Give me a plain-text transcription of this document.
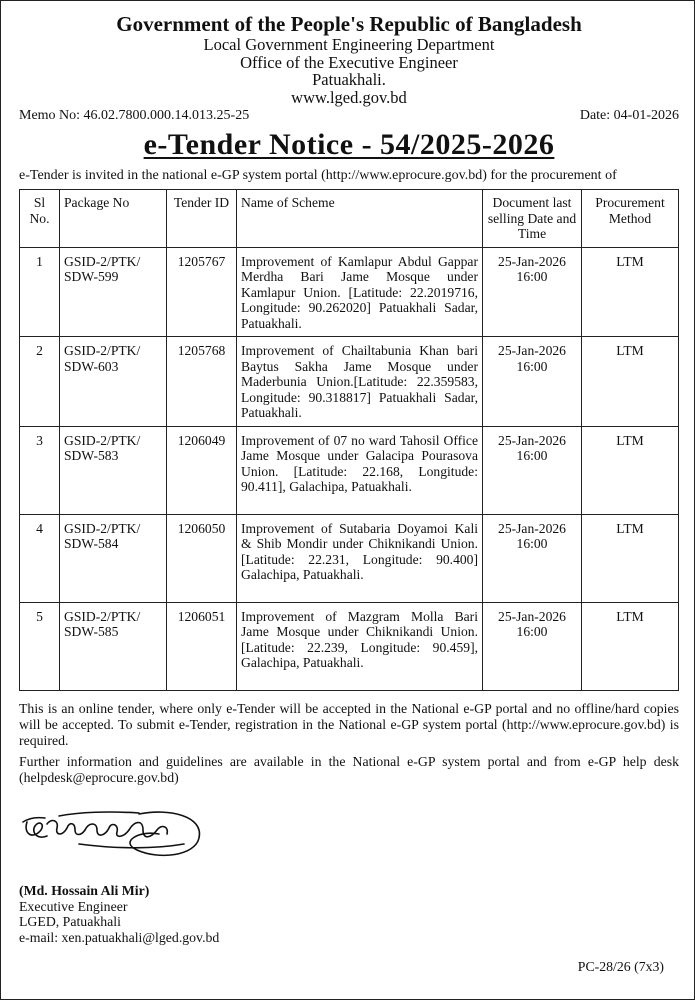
Government of the People's Republic of Bangladesh
Local Government Engineering Department
Office of the Executive Engineer
Patuakhali.
www.lged.gov.bd
Memo No: 46.02.7800.000.14.013.25-25	Date: 04-01-2026
e-Tender Notice - 54/2025-2026
e-Tender is invited in the national e-GP system portal (http://www.eprocure.gov.bd) for the procurement of
Sl No.	Package No	Tender ID	Name of Scheme	Document last selling Date and Time	Procurement Method
1	GSID-2/PTK/ SDW-599	1205767	Improvement of Kamlapur Abdul Gappar Merdha Bari Jame Mosque under Kamlapur Union. [Latitude: 22.2019716, Longitude: 90.262020] Patuakhali Sadar, Patuakhali.	25-Jan-2026 16:00	LTM
2	GSID-2/PTK/ SDW-603	1205768	Improvement of Chailtabunia Khan bari Baytus Sakha Jame Mosque under Maderbunia Union.[Latitude: 22.359583, Longitude: 90.318817] Patuakhali Sadar, Patuakhali.	25-Jan-2026 16:00	LTM
3	GSID-2/PTK/ SDW-583	1206049	Improvement of 07 no ward Tahosil Office Jame Mosque under Galacipa Pourasova Union. [Latitude: 22.168, Longitude: 90.411], Galachipa, Patuakhali.	25-Jan-2026 16:00	LTM
4	GSID-2/PTK/ SDW-584	1206050	Improvement of Sutabaria Doyamoi Kali & Shib Mondir under Chiknikandi Union. [Latitude: 22.231, Longitude: 90.400] Galachipa, Patuakhali.	25-Jan-2026 16:00	LTM
5	GSID-2/PTK/ SDW-585	1206051	Improvement of Mazgram Molla Bari Jame Mosque under Chiknikandi Union. [Latitude: 22.239, Longitude: 90.459], Galachipa, Patuakhali.	25-Jan-2026 16:00	LTM
This is an online tender, where only e-Tender will be accepted in the National e-GP portal and no offline/hard copies will be accepted. To submit e-Tender, registration in the National e-GP system portal (http://www.eprocure.gov.bd) is required.
Further information and guidelines are available in the National e-GP system portal and from e-GP help desk (helpdesk@eprocure.gov.bd)
(Md. Hossain Ali Mir)
Executive Engineer
LGED, Patuakhali
e-mail: xen.patuakhali@lged.gov.bd
PC-28/26 (7x3)
